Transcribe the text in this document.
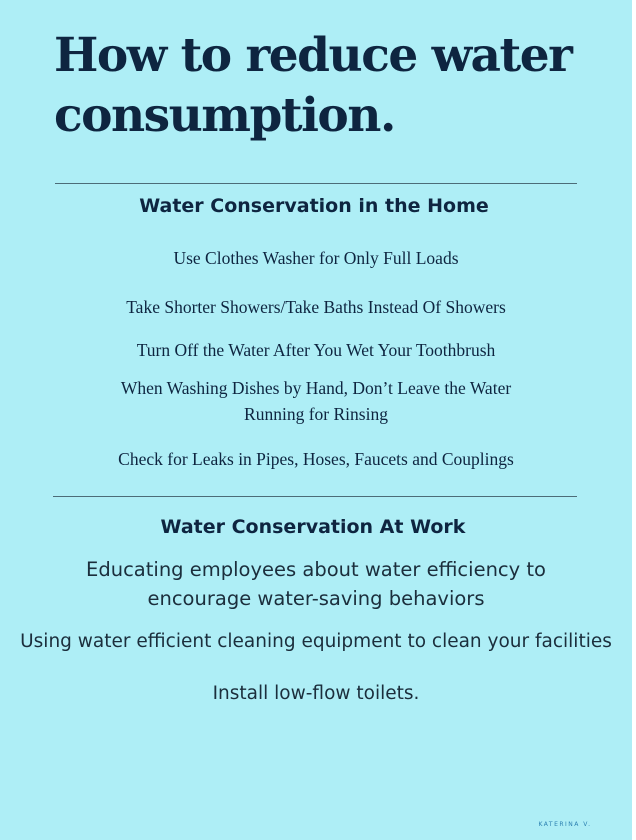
How to reduce water consumption.
Water Conservation in the Home

Use Clothes Washer for Only Full Loads

Take Shorter Showers/Take Baths Instead Of Showers

Turn Off the Water After You Wet Your Toothbrush

When Washing Dishes by Hand, Don’t Leave the Water Running for Rinsing

Check for Leaks in Pipes, Hoses, Faucets and Couplings

Water Conservation At Work

Educating employees about water efficiency to encourage water-saving behaviors

Using water efficient cleaning equipment to clean your facilities

Install low-flow toilets.

KATERINA V.
